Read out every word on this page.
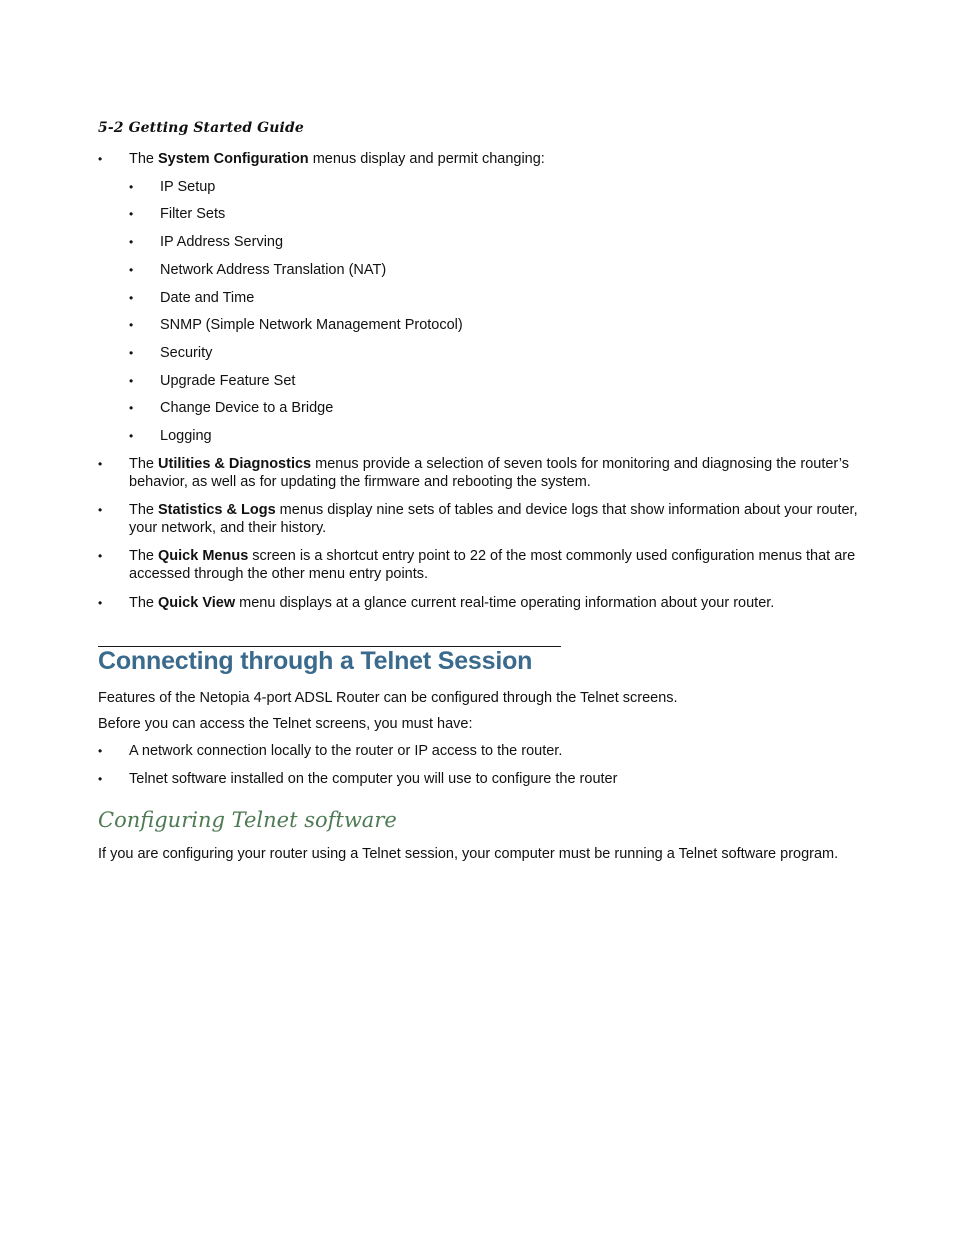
5-2 Getting Started Guide
• The System Configuration menus display and permit changing:
• IP Setup
• Filter Sets
• IP Address Serving
• Network Address Translation (NAT)
• Date and Time
• SNMP (Simple Network Management Protocol)
• Security
• Upgrade Feature Set
• Change Device to a Bridge
• Logging
• The Utilities & Diagnostics menus provide a selection of seven tools for monitoring and diagnosing the router’s behavior, as well as for updating the firmware and rebooting the system.
• The Statistics & Logs menus display nine sets of tables and device logs that show information about your router, your network, and their history.
• The Quick Menus screen is a shortcut entry point to 22 of the most commonly used configuration menus that are accessed through the other menu entry points.
• The Quick View menu displays at a glance current real-time operating information about your router.
Connecting through a Telnet Session
Features of the Netopia 4-port ADSL Router can be configured through the Telnet screens.
Before you can access the Telnet screens, you must have:
• A network connection locally to the router or IP access to the router.
• Telnet software installed on the computer you will use to configure the router
Configuring Telnet software
If you are configuring your router using a Telnet session, your computer must be running a Telnet software program.
